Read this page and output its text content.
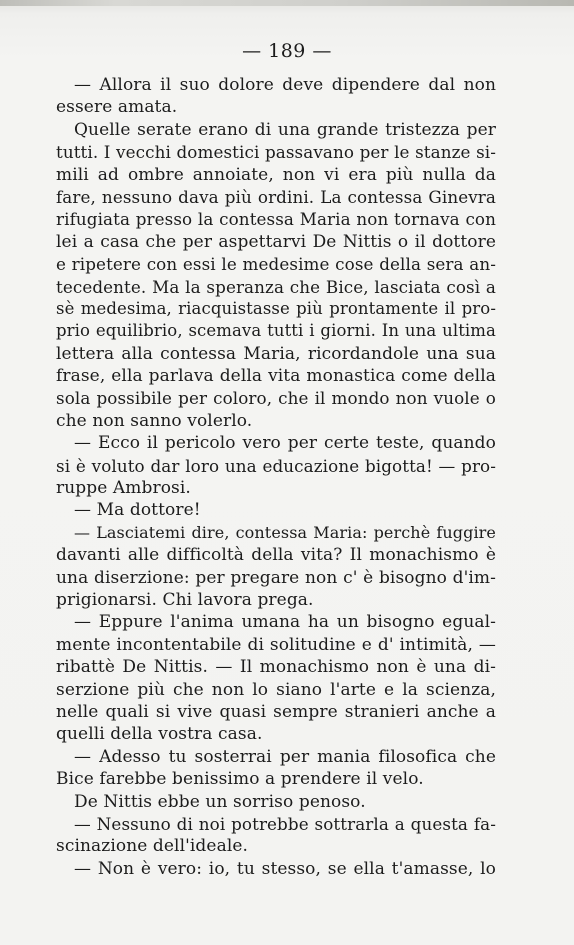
— 189 —
— Allora il suo dolore deve dipendere dal non
essere amata.
Quelle serate erano di una grande tristezza per
tutti. I vecchi domestici passavano per le stanze si-
mili ad ombre annoiate, non vi era più nulla da
fare, nessuno dava più ordini. La contessa Ginevra
rifugiata presso la contessa Maria non tornava con
lei a casa che per aspettarvi De Nittis o il dottore
e ripetere con essi le medesime cose della sera an-
tecedente. Ma la speranza che Bice, lasciata così a
sè medesima, riacquistasse più prontamente il pro-
prio equilibrio, scemava tutti i giorni. In una ultima
lettera alla contessa Maria, ricordandole una sua
frase, ella parlava della vita monastica come della
sola possibile per coloro, che il mondo non vuole o
che non sanno volerlo.
— Ecco il pericolo vero per certe teste, quando
si è voluto dar loro una educazione bigotta! — pro-
ruppe Ambrosi.
— Ma dottore!
— Lasciatemi dire, contessa Maria: perchè fuggire
davanti alle difficoltà della vita? Il monachismo è
una diserzione: per pregare non c' è bisogno d'im-
prigionarsi. Chi lavora prega.
— Eppure l'anima umana ha un bisogno egual-
mente incontentabile di solitudine e d' intimità, —
ribattè De Nittis. — Il monachismo non è una di-
serzione più che non lo siano l'arte e la scienza,
nelle quali si vive quasi sempre stranieri anche a
quelli della vostra casa.
— Adesso tu sosterrai per mania filosofica che
Bice farebbe benissimo a prendere il velo.
De Nittis ebbe un sorriso penoso.
— Nessuno di noi potrebbe sottrarla a questa fa-
scinazione dell'ideale.
— Non è vero: io, tu stesso, se ella t'amasse, lo
